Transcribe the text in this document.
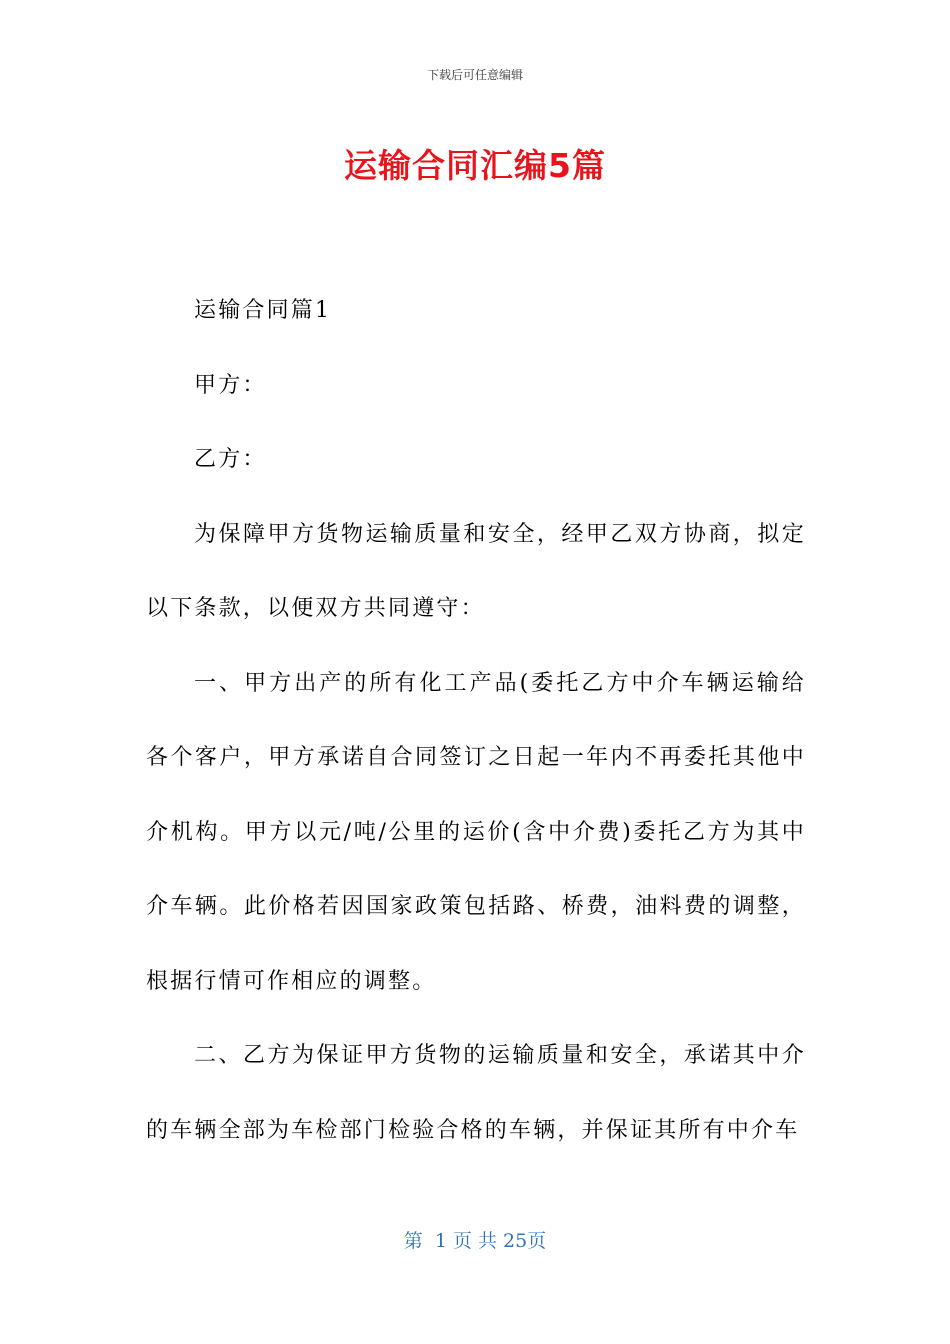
下载后可任意编辑
运输合同汇编5篇

运输合同篇1

甲方：

乙方：

为保障甲方货物运输质量和安全，经甲乙双方协商，拟定以下条款，以便双方共同遵守：

一、甲方出产的所有化工产品(委托乙方中介车辆运输给各个客户，甲方承诺自合同签订之日起一年内不再委托其他中介机构。甲方以元/吨/公里的运价(含中介费)委托乙方为其中介车辆。此价格若因国家政策包括路、桥费，油料费的调整，根据行情可作相应的调整。

二、乙方为保证甲方货物的运输质量和安全，承诺其中介的车辆全部为车检部门检验合格的车辆，并保证其所有中介车

第  1 页 共 25页
